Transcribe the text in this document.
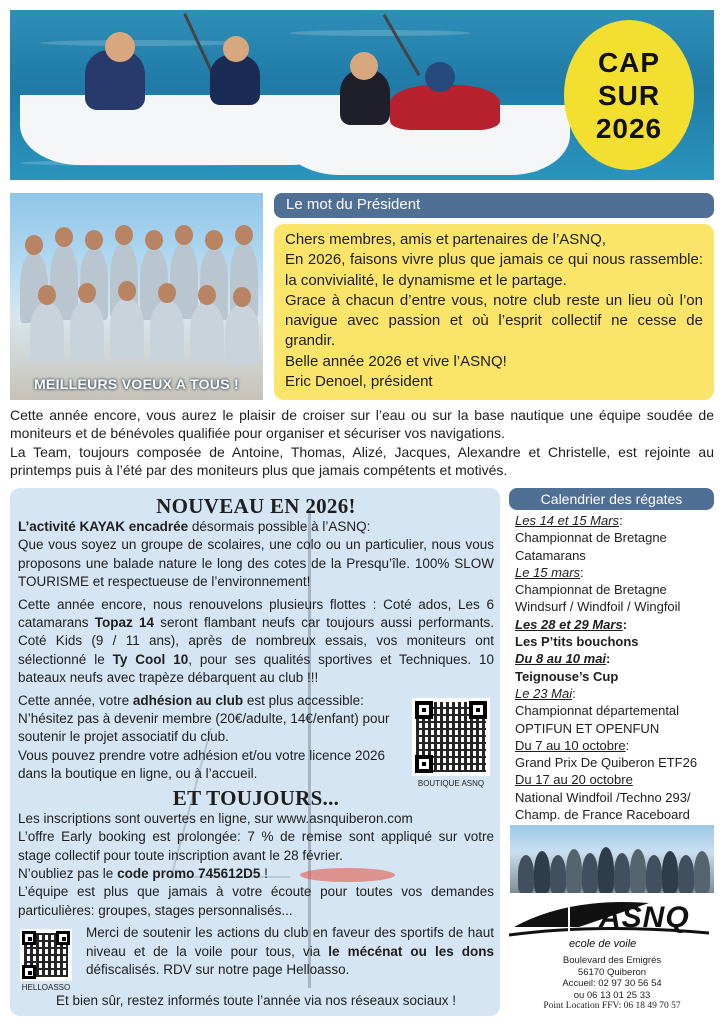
CAP
SUR
2026
MEILLEURS VOEUX A TOUS !
Le mot du Président

Chers membres, amis et partenaires de l’ASNQ,

En 2026, faisons vivre plus que jamais ce qui nous rassemble: la convivialité, le dynamisme et le partage.

Grace à chacun d’entre vous, notre club reste un lieu où l’on navigue avec passion et où l’esprit collectif ne cesse de grandir.

Belle année 2026 et vive l’ASNQ!

Eric Denoel, président

Cette année encore, vous aurez le plaisir de croiser sur l’eau ou sur la base nautique une équipe soudée de moniteurs et de bénévoles qualifiée pour organiser et sécuriser vos navigations.

La Team, toujours composée de Antoine, Thomas, Alizé, Jacques, Alexandre et Christelle, est rejointe au printemps puis à l’été par des moniteurs plus que jamais compétents et motivés.

NOUVEAU EN 2026!

L’activité KAYAK encadrée désormais possible à l’ASNQ:

Que vous soyez un groupe de scolaires, une colo ou un particulier, nous vous proposons une balade nature le long des cotes de la Presqu’île. 100% SLOW TOURISME et respectueuse de l’environnement!

Cette année encore, nous renouvelons plusieurs flottes : Coté ados, Les 6 catamarans Topaz 14 seront flambant neufs car toujours aussi performants. Coté Kids (9 / 11 ans), après de nombreux essais, vos moniteurs ont sélectionné le Ty Cool 10, pour ses qualités sportives et Techniques. 10 bateaux neufs avec trapèze débarquent au club !!!

Cette année, votre adhésion au club est plus accessible:

N’hésitez pas à devenir membre (20€/adulte, 14€/enfant) pour soutenir le projet associatif du club.

Vous pouvez prendre votre adhésion et/ou votre licence 2026 dans la boutique en ligne, ou à l’accueil.

ET TOUJOURS...

Les inscriptions sont ouvertes en ligne, sur www.asnquiberon.com

L’offre Early booking est prolongée: 7 % de remise sont appliqué sur votre stage collectif pour toute inscription avant le 28 février.

N’oubliez pas le code promo 745612D5 !

L’équipe est plus que jamais à votre écoute pour toutes vos demandes particulières: groupes, stages personnalisés...

Merci de soutenir les actions du club en faveur des sportifs de haut niveau et de la voile pour tous, via le mécénat ou les dons défiscalisés. RDV sur notre page Helloasso.

BOUTIQUE ASNQ
HELLOASSO
Et bien sûr, restez informés toute l’année via nos réseaux sociaux !
Calendrier des régates
Les 14 et 15 Mars:
Championnat de Bretagne Catamarans
Le 15 mars:
Championnat de Bretagne Windsurf / Windfoil / Wingfoil
Les 28 et 29 Mars:
Les P’tits bouchons
Du 8 au 10 mai:
Teignouse’s Cup
Le 23 Mai:
Championnat départemental OPTIFUN ET OPENFUN
Du 7 au 10 octobre:
Grand Prix De Quiberon ETF26
Du 17 au 20 octobre
National Windfoil /Techno 293/ Champ. de France Raceboard
ASNQ
ecole de voile
Boulevard des Emigrés
56170 Quiberon
Accueil: 02 97 30 56 54
ou 06 13 01 25 33
Point Location FFV: 06 18 49 70 57
